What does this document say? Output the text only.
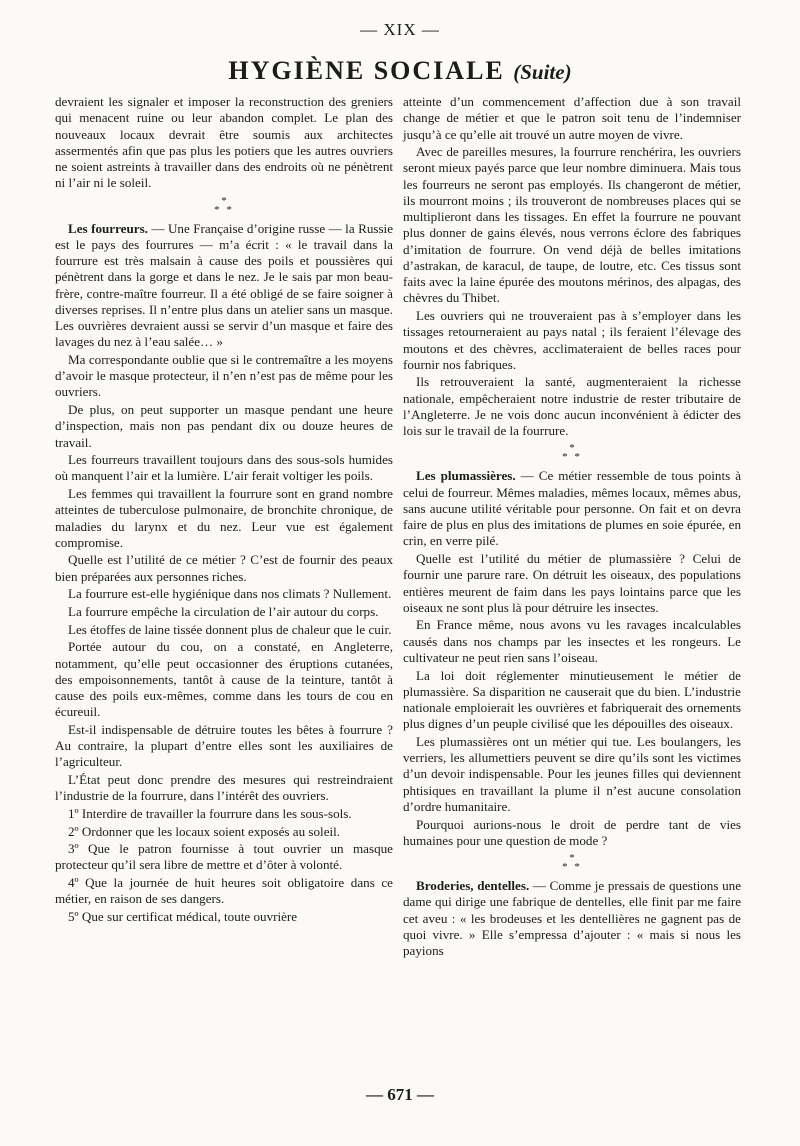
— XIX —
HYGIÈNE SOCIALE (Suite)

devraient les signaler et imposer la reconstruction des greniers qui menacent ruine ou leur abandon complet. Le plan des nouveaux locaux devrait être soumis aux architectes assermentés afin que pas plus les potiers que les autres ouvriers ne soient astreints à travailler dans des endroits où ne pénètrent ni l’air ni le soleil.

*
* *

Les fourreurs. — Une Française d’origine russe — la Russie est le pays des fourrures — m’a écrit : « le travail dans la fourrure est très malsain à cause des poils et poussières qui pénètrent dans la gorge et dans le nez. Je le sais par mon beau-frère, contre-maître fourreur. Il a été obligé de se faire soigner à diverses reprises. Il n’entre plus dans un atelier sans un masque. Les ouvrières devraient aussi se servir d’un masque et faire des lavages du nez à l’eau salée… »

Ma correspondante oublie que si le contremaître a les moyens d’avoir le masque protecteur, il n’en n’est pas de même pour les ouvriers.

De plus, on peut supporter un masque pendant une heure d’inspection, mais non pas pendant dix ou douze heures de travail.

Les fourreurs travaillent toujours dans des sous-sols humides où manquent l’air et la lumière. L’air ferait voltiger les poils.

Les femmes qui travaillent la fourrure sont en grand nombre atteintes de tuberculose pulmonaire, de bronchite chronique, de maladies du larynx et du nez. Leur vue est également compromise.

Quelle est l’utilité de ce métier ? C’est de fournir des peaux bien préparées aux personnes riches.

La fourrure est-elle hygiénique dans nos climats ? Nullement.

La fourrure empêche la circulation de l’air autour du corps.

Les étoffes de laine tissée donnent plus de chaleur que le cuir.

Portée autour du cou, on a constaté, en Angleterre, notamment, qu’elle peut occasionner des éruptions cutanées, des empoisonnements, tantôt à cause de la teinture, tantôt à cause des poils eux-mêmes, comme dans les tours de cou en écureuil.

Est-il indispensable de détruire toutes les bêtes à fourrure ? Au contraire, la plupart d’entre elles sont les auxiliaires de l’agriculteur.

L’État peut donc prendre des mesures qui restreindraient l’industrie de la fourrure, dans l’intérêt des ouvriers.

1º Interdire de travailler la fourrure dans les sous-sols.

2º Ordonner que les locaux soient exposés au soleil.

3º Que le patron fournisse à tout ouvrier un masque protecteur qu’il sera libre de mettre et d’ôter à volonté.

4º Que la journée de huit heures soit obligatoire dans ce métier, en raison de ses dangers.

5º Que sur certificat médical, toute ouvrière

atteinte d’un commencement d’affection due à son travail change de métier et que le patron soit tenu de l’indemniser jusqu’à ce qu’elle ait trouvé un autre moyen de vivre.

Avec de pareilles mesures, la fourrure renchérira, les ouvriers seront mieux payés parce que leur nombre diminuera. Mais tous les fourreurs ne seront pas employés. Ils changeront de métier, ils mourront moins ; ils trouveront de nombreuses places qui se multiplieront dans les tissages. En effet la fourrure ne pouvant plus donner de gains élevés, nous verrons éclore des fabriques d’imitation de fourrure. On vend déjà de belles imitations d’astrakan, de karacul, de taupe, de loutre, etc. Ces tissus sont faits avec la laine épurée des moutons mérinos, des alpagas, des chèvres du Thibet.

Les ouvriers qui ne trouveraient pas à s’employer dans les tissages retourneraient au pays natal ; ils feraient l’élevage des moutons et des chèvres, acclimateraient de belles races pour fournir nos fabriques.

Ils retrouveraient la santé, augmenteraient la richesse nationale, empêcheraient notre industrie de rester tributaire de l’Angleterre. Je ne vois donc aucun inconvénient à édicter des lois sur le travail de la fourrure.

*
* *

Les plumassières. — Ce métier ressemble de tous points à celui de fourreur. Mêmes maladies, mêmes locaux, mêmes abus, sans aucune utilité véritable pour personne. On fait et on devra faire de plus en plus des imitations de plumes en soie épurée, en crin, en verre pilé.

Quelle est l’utilité du métier de plumassière ? Celui de fournir une parure rare. On détruit les oiseaux, des populations entières meurent de faim dans les pays lointains parce que les oiseaux ne sont plus là pour détruire les insectes.

En France même, nous avons vu les ravages incalculables causés dans nos champs par les insectes et les rongeurs. Le cultivateur ne peut rien sans l’oiseau.

La loi doit réglementer minutieusement le métier de plumassière. Sa disparition ne causerait que du bien. L’industrie nationale emploierait les ouvrières et fabriquerait des ornements plus dignes d’un peuple civilisé que les dépouilles des oiseaux.

Les plumassières ont un métier qui tue. Les boulangers, les verriers, les allumettiers peuvent se dire qu’ils sont les victimes d’un devoir indispensable. Pour les jeunes filles qui deviennent phtisiques en travaillant la plume il n’est aucune consolation d’ordre humanitaire.

Pourquoi aurions-nous le droit de perdre tant de vies humaines pour une question de mode ?

*
* *

Broderies, dentelles. — Comme je pressais de questions une dame qui dirige une fabrique de dentelles, elle finit par me faire cet aveu : « les brodeuses et les dentellières ne gagnent pas de quoi vivre. » Elle s’empressa d’ajouter : « mais si nous les payions

— 671 —
